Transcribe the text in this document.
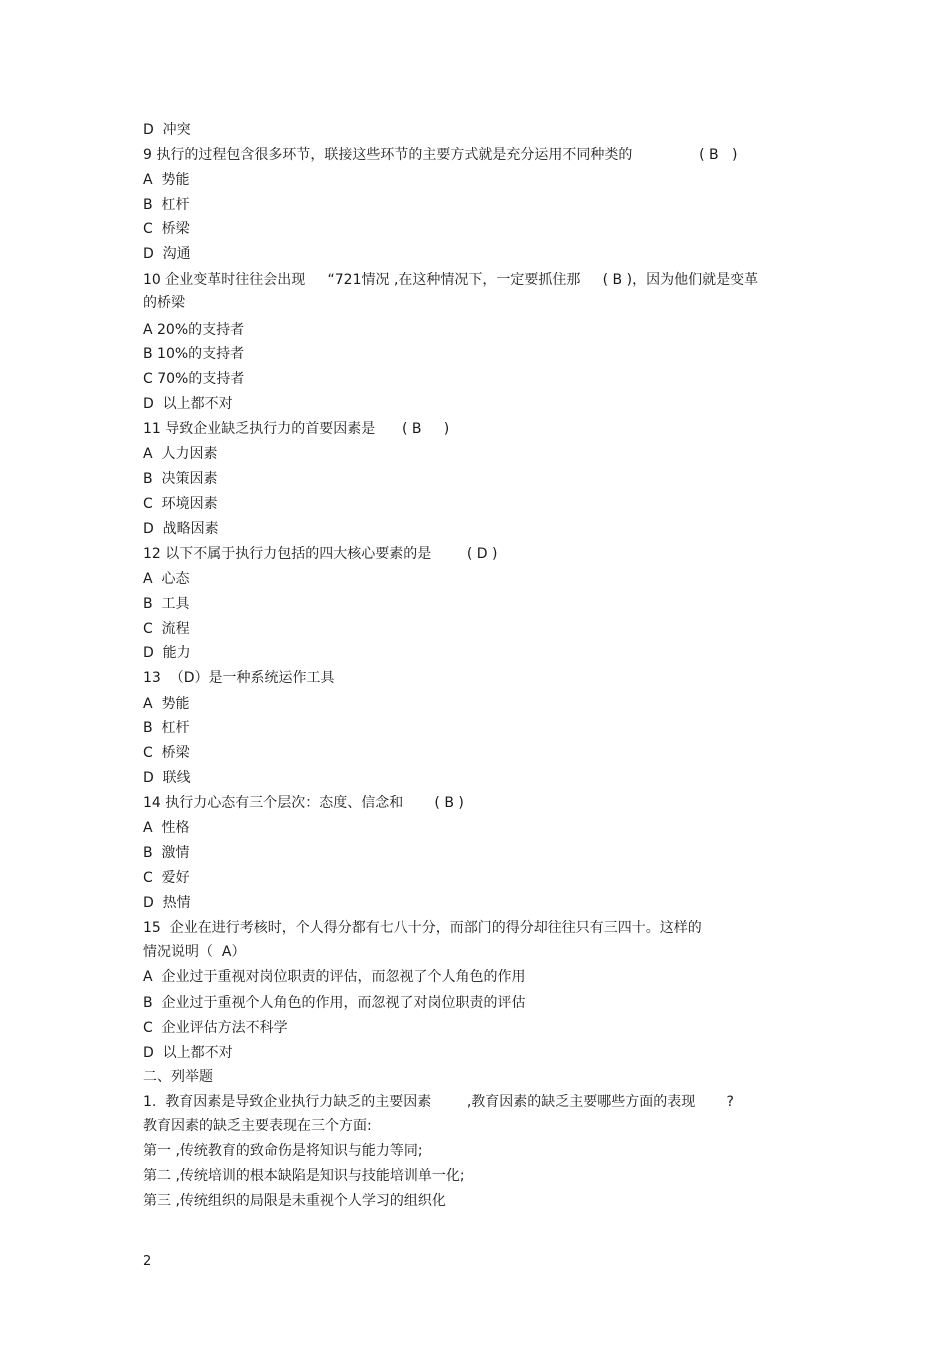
D  冲突

9 执行的过程包含很多环节，联接这些环节的主要方式就是充分运用不同种类的               ( B   )

A  势能

B  杠杆

C  桥梁

D  沟通

10 企业变革时往往会出现     “721情况 ,在这种情况下，一定要抓住那     ( B )，因为他们就是变革

的桥梁

A 20%的支持者

B 10%的支持者

C 70%的支持者

D  以上都不对

11 导致企业缺乏执行力的首要因素是      ( B     )

A  人力因素

B  决策因素

C  环境因素

D  战略因素

12 以下不属于执行力包括的四大核心要素的是        ( D )

A  心态

B  工具

C  流程

D  能力

13  （D）是一种系统运作工具

A  势能

B  杠杆

C  桥梁

D  联线

14 执行力心态有三个层次：态度、信念和       ( B )

A  性格

B  激情

C  爱好

D  热情

15  企业在进行考核时，个人得分都有七八十分，而部门的得分却往往只有三四十。这样的

情况说明（  A）

A  企业过于重视对岗位职责的评估，而忽视了个人角色的作用

B  企业过于重视个人角色的作用，而忽视了对岗位职责的评估

C  企业评估方法不科学

D  以上都不对

二、列举题

1.  教育因素是导致企业执行力缺乏的主要因素        ,教育因素的缺乏主要哪些方面的表现       ?

教育因素的缺乏主要表现在三个方面:

第一 ,传统教育的致命伤是将知识与能力等同;

第二 ,传统培训的根本缺陷是知识与技能培训单一化;

第三 ,传统组织的局限是未重视个人学习的组织化

2
